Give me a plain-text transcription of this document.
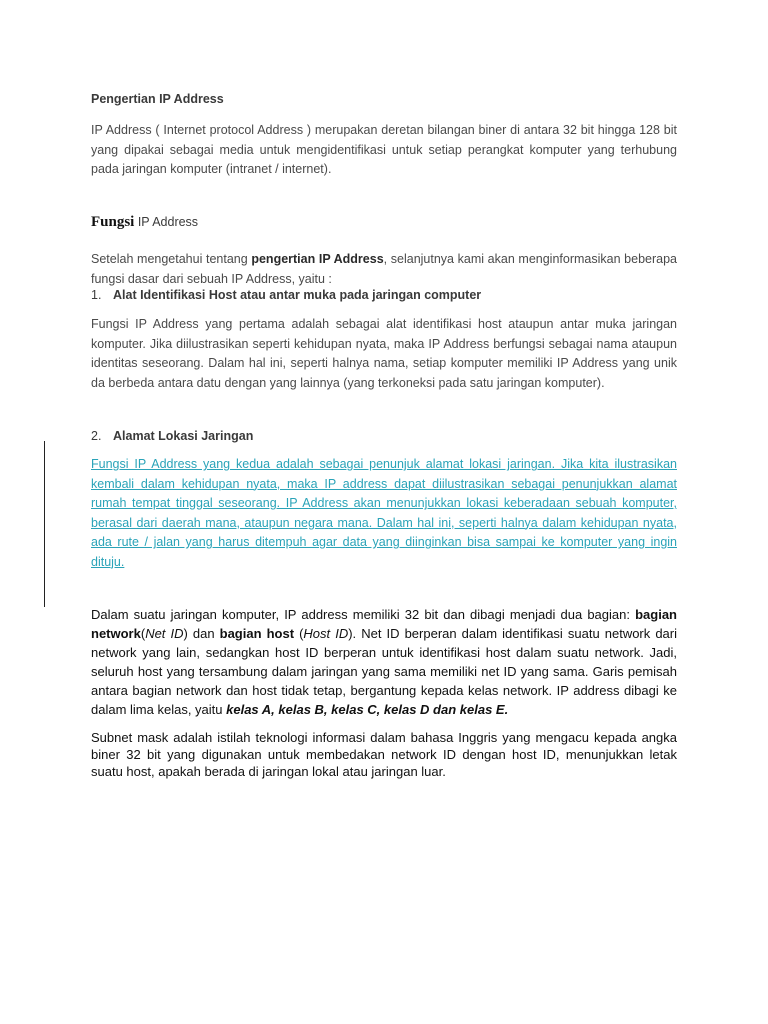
Pengertian IP Address
IP Address ( Internet protocol Address ) merupakan deretan bilangan biner di antara 32 bit hingga 128 bit yang dipakai sebagai media untuk mengidentifikasi untuk setiap perangkat komputer yang terhubung pada jaringan komputer (intranet / internet).
Fungsi IP Address
Setelah mengetahui tentang pengertian IP Address, selanjutnya kami akan menginformasikan beberapa fungsi dasar dari sebuah IP Address, yaitu :
1. Alat Identifikasi Host atau antar muka pada jaringan computer
Fungsi IP Address yang pertama adalah sebagai alat identifikasi host ataupun antar muka jaringan komputer. Jika diilustrasikan seperti kehidupan nyata, maka IP Address berfungsi sebagai nama ataupun identitas seseorang. Dalam hal ini, seperti halnya nama, setiap komputer memiliki IP Address yang unik da berbeda antara datu dengan yang lainnya (yang terkoneksi pada satu jaringan komputer).
2. Alamat Lokasi Jaringan
Fungsi IP Address yang kedua adalah sebagai penunjuk alamat lokasi jaringan. Jika kita ilustrasikan kembali dalam kehidupan nyata, maka IP address dapat diilustrasikan sebagai penunjukkan alamat rumah tempat tinggal seseorang. IP Address akan menunjukkan lokasi keberadaan sebuah komputer, berasal dari daerah mana, ataupun negara mana. Dalam hal ini, seperti halnya dalam kehidupan nyata, ada rute / jalan yang harus ditempuh agar data yang diinginkan bisa sampai ke komputer yang ingin dituju.
Dalam suatu jaringan komputer, IP address memiliki 32 bit dan dibagi menjadi dua bagian: bagian network(Net ID) dan bagian host (Host ID). Net ID berperan dalam identifikasi suatu network dari network yang lain, sedangkan host ID berperan untuk identifikasi host dalam suatu network. Jadi, seluruh host yang tersambung dalam jaringan yang sama memiliki net ID yang sama. Garis pemisah antara bagian network dan host tidak tetap, bergantung kepada kelas network. IP address dibagi ke dalam lima kelas, yaitu kelas A, kelas B, kelas C, kelas D dan kelas E.
Subnet mask adalah istilah teknologi informasi dalam bahasa Inggris yang mengacu kepada angka biner 32 bit yang digunakan untuk membedakan network ID dengan host ID, menunjukkan letak suatu host, apakah berada di jaringan lokal atau jaringan luar.
